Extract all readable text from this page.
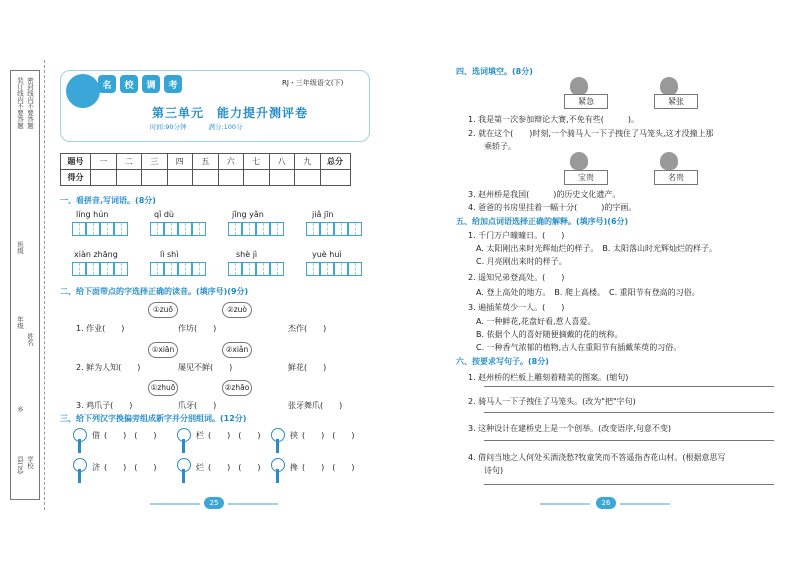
装订线内不要答题 密封线内不要答题
班级
年级
姓名
乡
县(区) 学校
名	校	调	考	RJ・三年级语文(下)
第三单元　能力提升测评卷
时间:90分钟	满分:100分
题号	一	二	三	四	五	六	七	八	九	总分
得分										
一、看拼音,写词语。(8分)
líng hún	qǐ dù	jǐng yǎn	jiǎ jīn
xiàn zhāng	lì shì	shè jì	yuè huì
二、给下面带点的字选择正确的读音。(填序号)(9分)
①zuō	②zuò
1. 作业(　　)	作坊(　　)	杰作(　　)
①xiān	②xiǎn
2. 鲜为人知(　　)	屡见不鲜(　　)	鲜花(　　)
①zhuō	②zhāo
3. 鸡爪子(　　)	爪牙(　　)	张牙舞爪(　　)
三、给下列汉字换偏旁组成新字并分别组词。(12分)
借 (　　)　(　　)	栏 (　　)　(　　)	挟 (　　)　(　　)
济 (　　)　(　　)	烂 (　　)　(　　)	搀 (　　)　(　　)
25
四、选词填空。(8分)
紧急	紧张
1. 我是第一次参加辩论大赛,不免有些(　　　)。
2. 就在这个(　　)时刻,一个骑马人一下子拽住了马笼头,这才没撞上那
乘轿子。
宝贵	名贵
3. 赵州桥是我国(　　　)的历史文化遗产。
4. 爸爸的书房里挂着一幅十分(　　　)的字画。
五、给加点词语选择正确的解释。(填序号)(6分)
1. 千门万户曈曈日。(　　)
A. 太阳刚出来时光辉灿烂的样子。　B. 太阳落山时光辉灿烂的样子。
C. 月亮刚出来时的样子。
2. 遥知兄弟登高处。(　　)
A. 登上高处的地方。　B. 爬上高楼。　C. 重阳节有登高的习俗。
3. 遍插茱萸少一人。(　　)
A. 一种鲜花,花盘好看,惹人喜爱。
B. 依据个人的喜好随便摘戴的花的统称。
C. 一种香气浓郁的植物,古人在重阳节有插戴茱萸的习俗。
六、按要求写句子。(8分)
1. 赵州桥的栏板上雕刻着精美的图案。(缩句)
2. 骑马人一下子拽住了马笼头。(改为"把"字句)
3. 这种设计在建桥史上是一个创举。(改变语序,句意不变)
4. 借问当地之人何处买酒浇愁?牧童笑而不答遥指杏花山村。(根据意思写
诗句)
26
